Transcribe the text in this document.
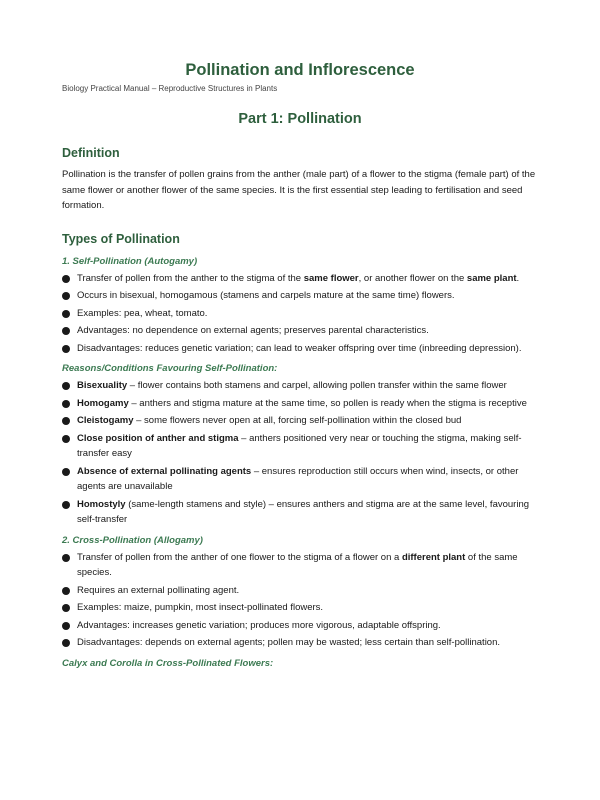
Pollination and Inflorescence
Biology Practical Manual – Reproductive Structures in Plants
Part 1: Pollination
Definition

Pollination is the transfer of pollen grains from the anther (male part) of a flower to the stigma (female part) of the same flower or another flower of the same species. It is the first essential step leading to fertilisation and seed formation.

Types of Pollination
1. Self-Pollination (Autogamy)
Transfer of pollen from the anther to the stigma of the same flower, or another flower on the same plant.
Occurs in bisexual, homogamous (stamens and carpels mature at the same time) flowers.
Examples: pea, wheat, tomato.
Advantages: no dependence on external agents; preserves parental characteristics.
Disadvantages: reduces genetic variation; can lead to weaker offspring over time (inbreeding depression).
Reasons/Conditions Favouring Self-Pollination:
Bisexuality – flower contains both stamens and carpel, allowing pollen transfer within the same flower
Homogamy – anthers and stigma mature at the same time, so pollen is ready when the stigma is receptive
Cleistogamy – some flowers never open at all, forcing self-pollination within the closed bud
Close position of anther and stigma – anthers positioned very near or touching the stigma, making self-transfer easy
Absence of external pollinating agents – ensures reproduction still occurs when wind, insects, or other agents are unavailable
Homostyly (same-length stamens and style) – ensures anthers and stigma are at the same level, favouring self-transfer
2. Cross-Pollination (Allogamy)
Transfer of pollen from the anther of one flower to the stigma of a flower on a different plant of the same species.
Requires an external pollinating agent.
Examples: maize, pumpkin, most insect-pollinated flowers.
Advantages: increases genetic variation; produces more vigorous, adaptable offspring.
Disadvantages: depends on external agents; pollen may be wasted; less certain than self-pollination.
Calyx and Corolla in Cross-Pollinated Flowers:
